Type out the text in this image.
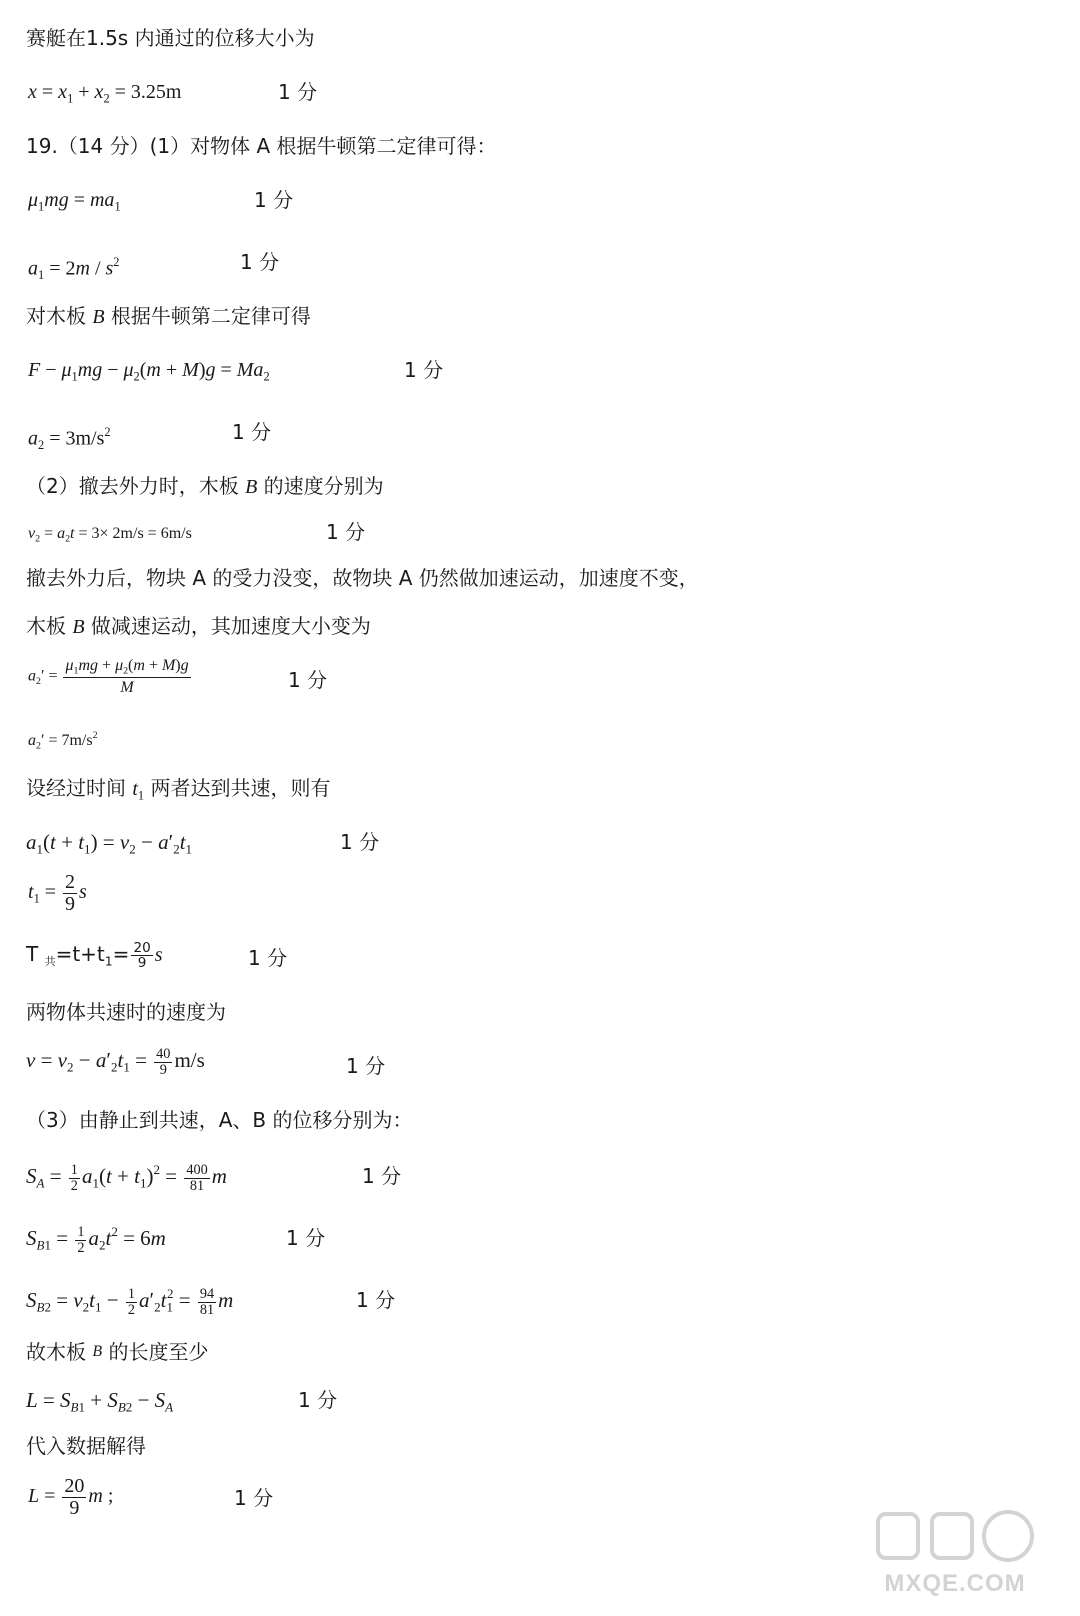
赛艇在1.5s 内通过的位移大小为
$x = x_1 + x_2 = 3.25m$	1 分
19.（14 分）(1）对物体 A 根据牛顿第二定律可得：
$\mu_1mg = ma_1$	1 分
$a_1 = 2m / s^2$	1 分
对木板 B 根据牛顿第二定律可得
$F - \mu_1mg - \mu_2(m + M)g = Ma_2$	1 分
$a_2 = 3m/s^2$	1 分
（2）撤去外力时，木板 B 的速度分别为
$v_2 = a_2t = 3\times 2m/s = 6m/s$	1 分
撤去外力后，物块 A 的受力没变，故物块 A 仍然做加速运动，加速度不变，
木板 B 做减速运动，其加速度大小变为
$a_2' = \frac{\mu_1mg + \mu_2(m + M)g}{M}$	1 分
$a_2' = 7m/s^2$
设经过时间 $t_1$ 两者达到共速，则有
$a_1(t + t_1) = v_2 - a'_2t_1$	1 分
$t_1 = \frac{2}{9}$ s
T $_共=t+t_1= \frac{20}{9}$ s	1 分
两物体共速时的速度为
$v = v_2 - a'_2t_1 = \frac{40}{9} m/s$	1 分
（3）由静止到共速，A、B 的位移分别为：
$S_A = \frac{1}{2} a_1(t + t_1)^2 = \frac{400}{81}$ m	1 分
$S_{B1} = \frac{1}{2} a_2t^2 = 6m$	1 分
$S_{B2} = v_2t_1 - \frac{1}{2} a'_2t_1^2 = \frac{94}{81}$ m	1 分
故木板 $^B$ 的长度至少
$L = S_{B1} + S_{B2} - S_A$	1 分
代入数据解得
$L = \frac{20}{9}$ m ;	1 分
MXQE.COM
